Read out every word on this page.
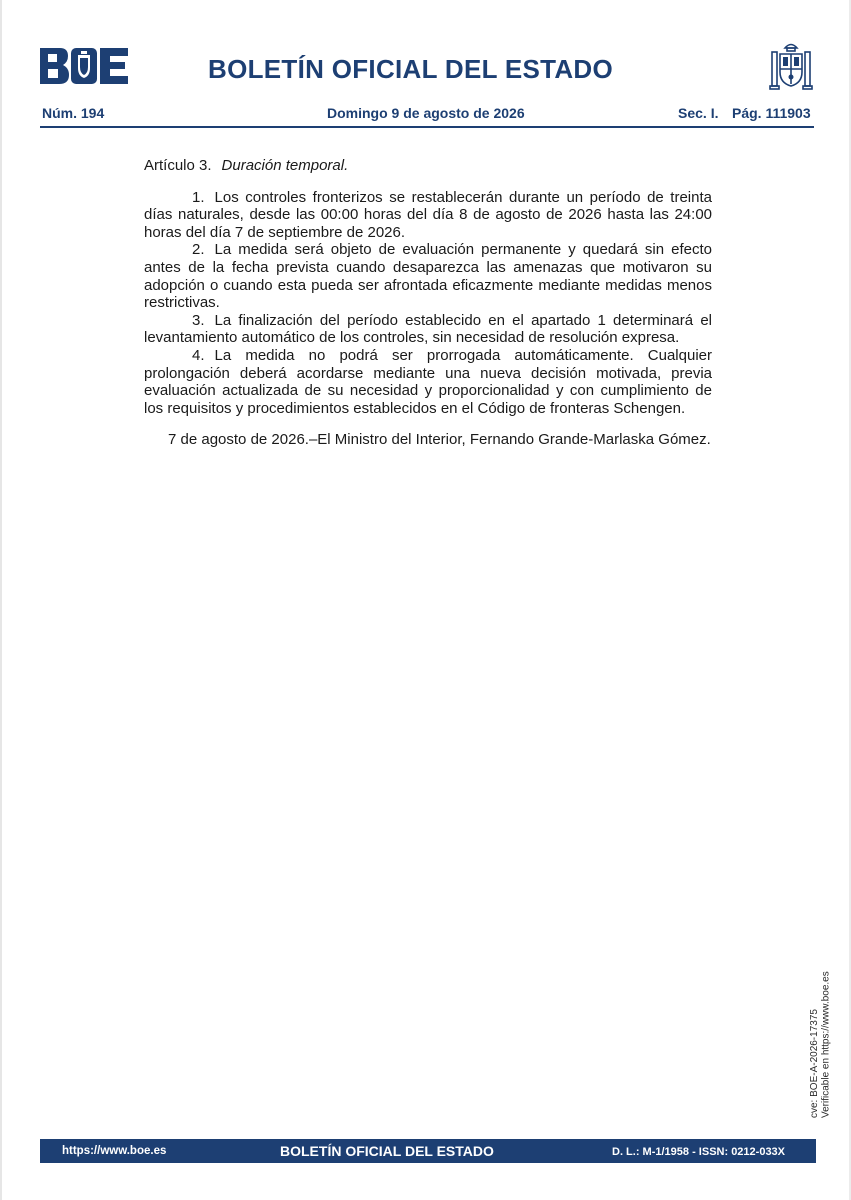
BOLETÍN OFICIAL DEL ESTADO
Núm. 194	Domingo 9 de agosto de 2026	Sec. I. Pág. 111903

Artículo 3. Duración temporal.

1. Los controles fronterizos se restablecerán durante un período de treinta días naturales, desde las 00:00 horas del día 8 de agosto de 2026 hasta las 24:00 horas del día 7 de septiembre de 2026.

2. La medida será objeto de evaluación permanente y quedará sin efecto antes de la fecha prevista cuando desaparezca las amenazas que motivaron su adopción o cuando esta pueda ser afrontada eficazmente mediante medidas menos restrictivas.

3. La finalización del período establecido en el apartado 1 determinará el levantamiento automático de los controles, sin necesidad de resolución expresa.

4. La medida no podrá ser prorrogada automáticamente. Cualquier prolongación deberá acordarse mediante una nueva decisión motivada, previa evaluación actualizada de su necesidad y proporcionalidad y con cumplimiento de los requisitos y procedimientos establecidos en el Código de fronteras Schengen.

7 de agosto de 2026.–El Ministro del Interior, Fernando Grande-Marlaska Gómez.

cve: BOE-A-2026-17375 Verificable en https://www.boe.es
https://www.boe.es	BOLETÍN OFICIAL DEL ESTADO	D. L.: M-1/1958 - ISSN: 0212-033X
